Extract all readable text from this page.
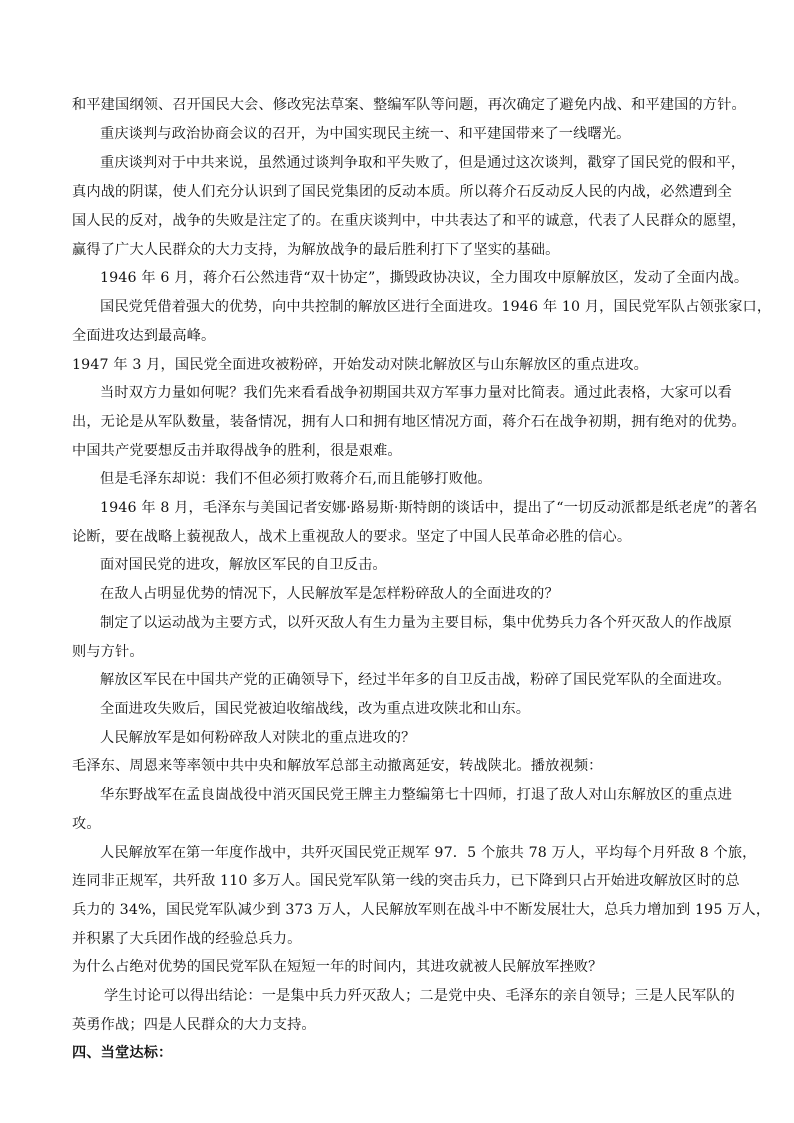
和平建国纲领、召开国民大会、修改宪法草案、整编军队等问题，再次确定了避免内战、和平建国的方针。
重庆谈判与政治协商会议的召开，为中国实现民主统一、和平建国带来了一线曙光。
重庆谈判对于中共来说，虽然通过谈判争取和平失败了，但是通过这次谈判，戳穿了国民党的假和平，
真内战的阴谋，使人们充分认识到了国民党集团的反动本质。所以蒋介石反动反人民的内战，必然遭到全
国人民的反对，战争的失败是注定了的。在重庆谈判中，中共表达了和平的诚意，代表了人民群众的愿望，
赢得了广大人民群众的大力支持，为解放战争的最后胜利打下了坚实的基础。
1946 年 6 月，蒋介石公然违背“双十协定”，撕毁政协决议，全力围攻中原解放区，发动了全面内战。
国民党凭借着强大的优势，向中共控制的解放区进行全面进攻。1946 年 10 月，国民党军队占领张家口，
全面进攻达到最高峰。
1947 年 3 月，国民党全面进攻被粉碎，开始发动对陕北解放区与山东解放区的重点进攻。
当时双方力量如何呢？我们先来看看战争初期国共双方军事力量对比简表。通过此表格，大家可以看
出，无论是从军队数量，装备情况，拥有人口和拥有地区情况方面，蒋介石在战争初期，拥有绝对的优势。
中国共产党要想反击并取得战争的胜利，很是艰难。
但是毛泽东却说：我们不但必须打败蒋介石,而且能够打败他。
1946 年 8 月，毛泽东与美国记者安娜·路易斯·斯特朗的谈话中，提出了“一切反动派都是纸老虎”的著名
论断，要在战略上藐视敌人，战术上重视敌人的要求。坚定了中国人民革命必胜的信心。
面对国民党的进攻，解放区军民的自卫反击。
在敌人占明显优势的情况下，人民解放军是怎样粉碎敌人的全面进攻的？
制定了以运动战为主要方式，以歼灭敌人有生力量为主要目标，集中优势兵力各个歼灭敌人的作战原
则与方针。
解放区军民在中国共产党的正确领导下，经过半年多的自卫反击战，粉碎了国民党军队的全面进攻。
全面进攻失败后，国民党被迫收缩战线，改为重点进攻陕北和山东。
人民解放军是如何粉碎敌人对陕北的重点进攻的？
毛泽东、周恩来等率领中共中央和解放军总部主动撤离延安，转战陕北。播放视频：
华东野战军在孟良崮战役中消灭国民党王牌主力整编第七十四师，打退了敌人对山东解放区的重点进
攻。
人民解放军在第一年度作战中，共歼灭国民党正规军 97．5 个旅共 78 万人，平均每个月歼敌 8 个旅，
连同非正规军，共歼敌 110 多万人。国民党军队第一线的突击兵力，已下降到只占开始进攻解放区时的总
兵力的 34%，国民党军队减少到 373 万人，人民解放军则在战斗中不断发展壮大，总兵力增加到 195 万人，
并积累了大兵团作战的经验总兵力。
为什么占绝对优势的国民党军队在短短一年的时间内，其进攻就被人民解放军挫败？
学生讨论可以得出结论：一是集中兵力歼灭敌人；二是党中央、毛泽东的亲自领导；三是人民军队的
英勇作战；四是人民群众的大力支持。
四、当堂达标：
